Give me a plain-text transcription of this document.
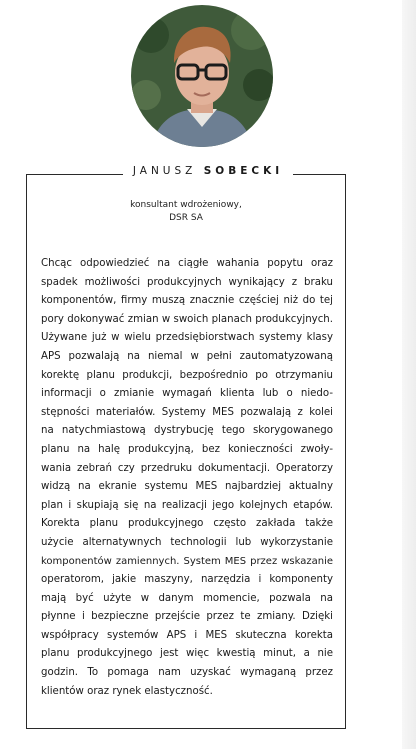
JANUSZ SOBECKI
konsultant wdrożeniowy,
DSR SA
Chcąc odpowiedzieć na ciągłe wahania popytu oraz
spadek możliwości produkcyjnych wynikający z braku
komponentów, firmy muszą znacznie częściej niż do tej
pory dokonywać zmian w swoich planach produkcyjnych.
Używane już w wielu przedsiębiorstwach systemy klasy
APS pozwalają na niemal w pełni zautomatyzowaną
korektę planu produkcji, bezpośrednio po otrzymaniu
informacji o zmianie wymagań klienta lub o niedo-
stępności materiałów. Systemy MES pozwalają z kolei
na natychmiastową dystrybucję tego skorygowanego
planu na halę produkcyjną, bez konieczności zwoły-
wania zebrań czy przedruku dokumentacji. Operatorzy
widzą na ekranie systemu MES najbardziej aktualny
plan i skupiają się na realizacji jego kolejnych etapów.
Korekta planu produkcyjnego często zakłada także
użycie alternatywnych technologii lub wykorzystanie
komponentów zamiennych. System MES przez wskazanie
operatorom, jakie maszyny, narzędzia i komponenty
mają być użyte w danym momencie, pozwala na
płynne i bezpieczne przejście przez te zmiany. Dzięki
współpracy systemów APS i MES skuteczna korekta
planu produkcyjnego jest więc kwestią minut, a nie
godzin. To pomaga nam uzyskać wymaganą przez
klientów oraz rynek elastyczność.
